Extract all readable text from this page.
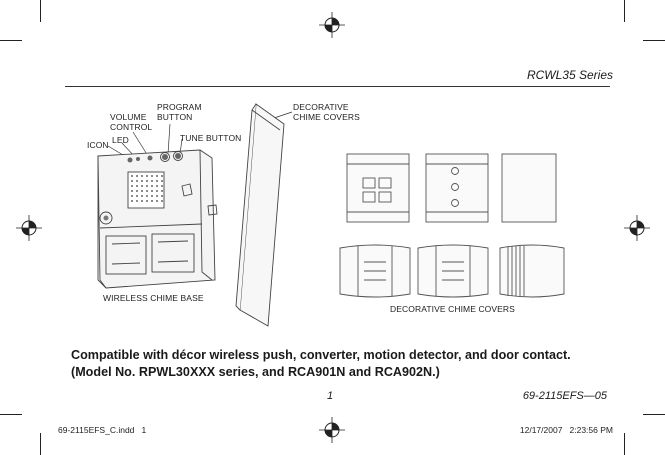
RCWL35 Series
VOLUME
CONTROL
PROGRAM
BUTTON
TUNE BUTTON
LED
ICON
DECORATIVE
CHIME COVERS
WIRELESS CHIME BASE
DECORATIVE CHIME COVERS
Compatible with décor wireless push, converter, motion detector, and door contact.
(Model No. RPWL30XXX series, and RCA901N and RCA902N.)
1	69-2115EFS—05
69-2115EFS_C.indd   1	12/17/2007   2:23:56 PM
